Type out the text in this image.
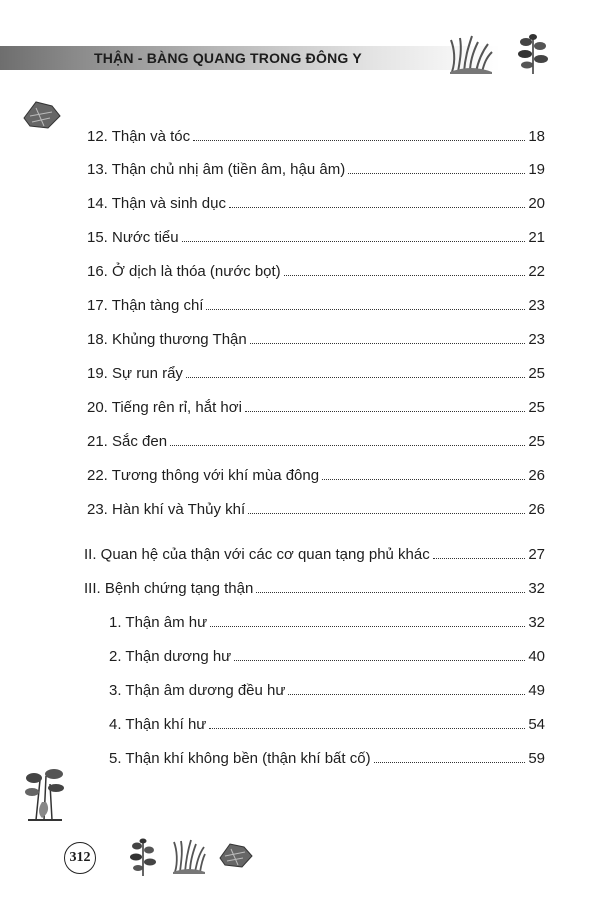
THẬN - BÀNG QUANG TRONG ĐÔNG Y
12. Thận và tóc	18
13. Thận chủ nhị âm (tiền âm, hậu âm)	19
14. Thận và sinh dục	20
15. Nước tiểu	21
16. Ở dịch là thóa (nước bọt)	22
17. Thận tàng chí	23
18. Khủng thương Thận	23
19. Sự run rẩy	25
20. Tiếng rên rỉ, hắt hơi	25
21. Sắc đen	25
22. Tương thông với khí mùa đông	26
23. Hàn khí và Thủy khí	26
II. Quan hệ của thận với các cơ quan tạng phủ khác	27
III. Bệnh chứng tạng thận	32
1. Thận âm hư	32
2. Thận dương hư	40
3. Thận âm dương đều hư	49
4. Thận khí hư	54
5. Thận khí không bền (thận khí bất cố)	59
312
